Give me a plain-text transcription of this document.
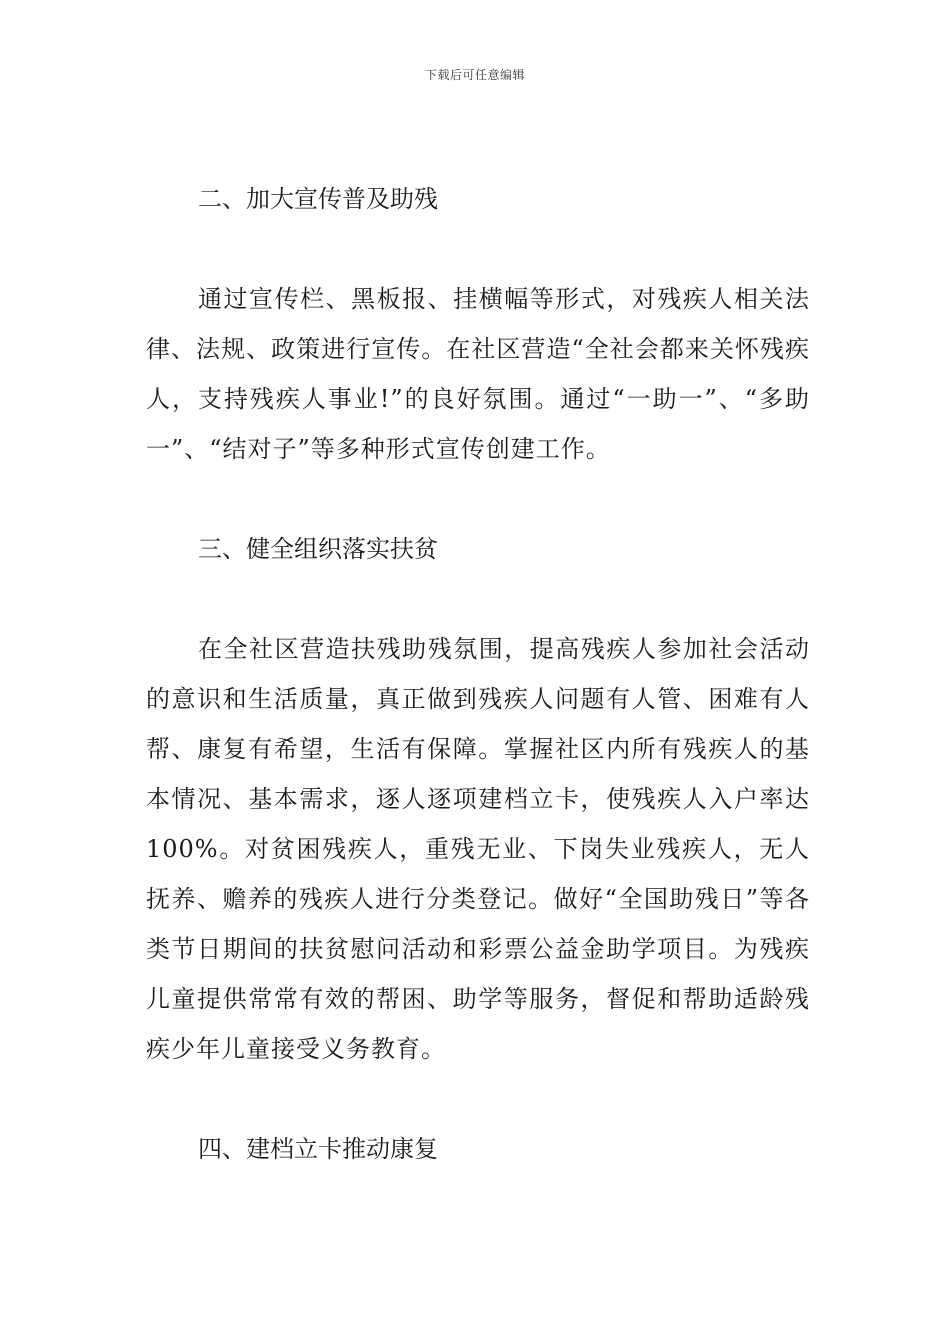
下载后可任意编辑
二、加大宣传普及助残

通过宣传栏、黑板报、挂横幅等形式，对残疾人相关法律、法规、政策进行宣传。在社区营造“全社会都来关怀残疾人，支持残疾人事业!”的良好氛围。通过“一助一”、“多助一”、“结对子”等多种形式宣传创建工作。

三、健全组织落实扶贫

在全社区营造扶残助残氛围，提高残疾人参加社会活动的意识和生活质量，真正做到残疾人问题有人管、困难有人帮、康复有希望，生活有保障。掌握社区内所有残疾人的基本情况、基本需求，逐人逐项建档立卡，使残疾人入户率达100%。对贫困残疾人，重残无业、下岗失业残疾人，无人抚养、赡养的残疾人进行分类登记。做好“全国助残日”等各类节日期间的扶贫慰问活动和彩票公益金助学项目。为残疾儿童提供常常有效的帮困、助学等服务，督促和帮助适龄残疾少年儿童接受义务教育。

四、建档立卡推动康复
